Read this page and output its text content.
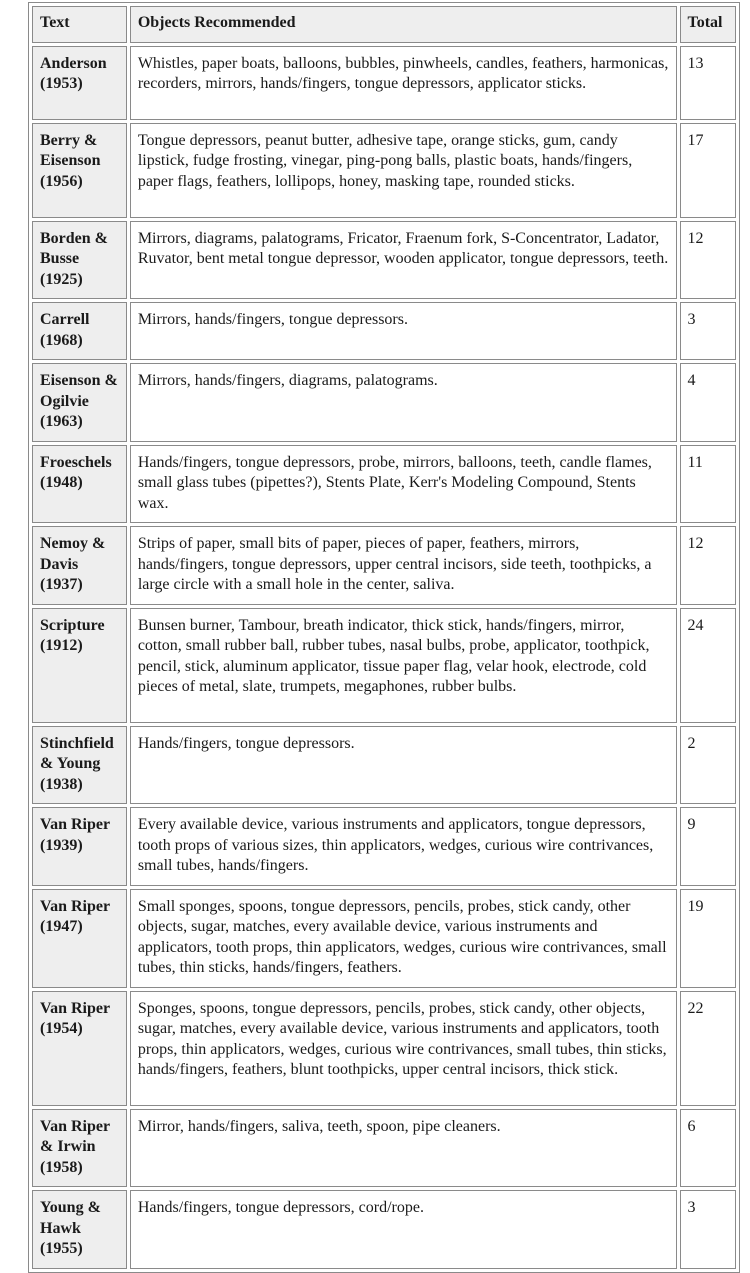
Text	Objects Recommended	Total
Anderson (1953)	Whistles, paper boats, balloons, bubbles, pinwheels, candles, feathers, harmonicas, recorders, mirrors, hands/fingers, tongue depressors, applicator sticks.	13
Berry & Eisenson (1956)	Tongue depressors, peanut butter, adhesive tape, orange sticks, gum, candy lipstick, fudge frosting, vinegar, ping-pong balls, plastic boats, hands/fingers, paper flags, feathers, lollipops, honey, masking tape, rounded sticks.	17
Borden & Busse (1925)	Mirrors, diagrams, palatograms, Fricator, Fraenum fork, S-Concentrator, Ladator, Ruvator, bent metal tongue depressor, wooden applicator, tongue depressors, teeth.	12
Carrell (1968)	Mirrors, hands/fingers, tongue depressors.	3
Eisenson & Ogilvie (1963)	Mirrors, hands/fingers, diagrams, palatograms.	4
Froeschels (1948)	Hands/fingers, tongue depressors, probe, mirrors, balloons, teeth, candle flames, small glass tubes (pipettes?), Stents Plate, Kerr's Modeling Compound, Stents wax.	11
Nemoy & Davis (1937)	Strips of paper, small bits of paper, pieces of paper, feathers, mirrors, hands/fingers, tongue depressors, upper central incisors, side teeth, toothpicks, a large circle with a small hole in the center, saliva.	12
Scripture (1912)	Bunsen burner, Tambour, breath indicator, thick stick, hands/fingers, mirror, cotton, small rubber ball, rubber tubes, nasal bulbs, probe, applicator, toothpick, pencil, stick, aluminum applicator, tissue paper flag, velar hook, electrode, cold pieces of metal, slate, trumpets, megaphones, rubber bulbs.	24
Stinchfield & Young (1938)	Hands/fingers, tongue depressors.	2
Van Riper (1939)	Every available device, various instruments and applicators, tongue depressors, tooth props of various sizes, thin applicators, wedges, curious wire contrivances, small tubes, hands/fingers.	9
Van Riper (1947)	Small sponges, spoons, tongue depressors, pencils, probes, stick candy, other objects, sugar, matches, every available device, various instruments and applicators, tooth props, thin applicators, wedges, curious wire contrivances, small tubes, thin sticks, hands/fingers, feathers.	19
Van Riper (1954)	Sponges, spoons, tongue depressors, pencils, probes, stick candy, other objects, sugar, matches, every available device, various instruments and applicators, tooth props, thin applicators, wedges, curious wire contrivances, small tubes, thin sticks, hands/fingers, feathers, blunt toothpicks, upper central incisors, thick stick.	22
Van Riper & Irwin (1958)	Mirror, hands/fingers, saliva, teeth, spoon, pipe cleaners.	6
Young & Hawk (1955)	Hands/fingers, tongue depressors, cord/rope.	3
